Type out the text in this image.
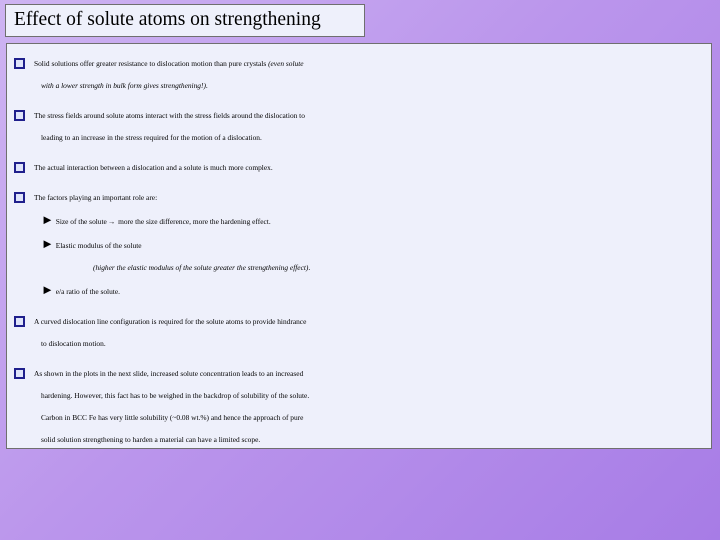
Effect of solute atoms on strengthening
Solid solutions offer greater resistance to dislocation motion than pure crystals (even solute
with a lower strength in bulk form gives strengthening!).
The stress fields around solute atoms interact with the stress fields around the dislocation to
leading to an increase in the stress required for the motion of a dislocation.
The actual interaction between a dislocation and a solute is much more complex.
The factors playing an important role are:
► Size of the solute→ more the size difference, more the hardening effect.
► Elastic modulus of the solute
(higher the elastic modulus of the solute greater the strengthening effect).
► e/a ratio of the solute.
A curved dislocation line configuration is required for the solute atoms to provide hindrance
to dislocation motion.
As shown in the plots in the next slide, increased solute concentration leads to an increased
hardening. However, this fact has to be weighed in the backdrop of solubility of the solute.
Carbon in BCC Fe has very little solubility (~0.08 wt.%) and hence the approach of pure
solid solution strengthening to harden a material can have a limited scope.
